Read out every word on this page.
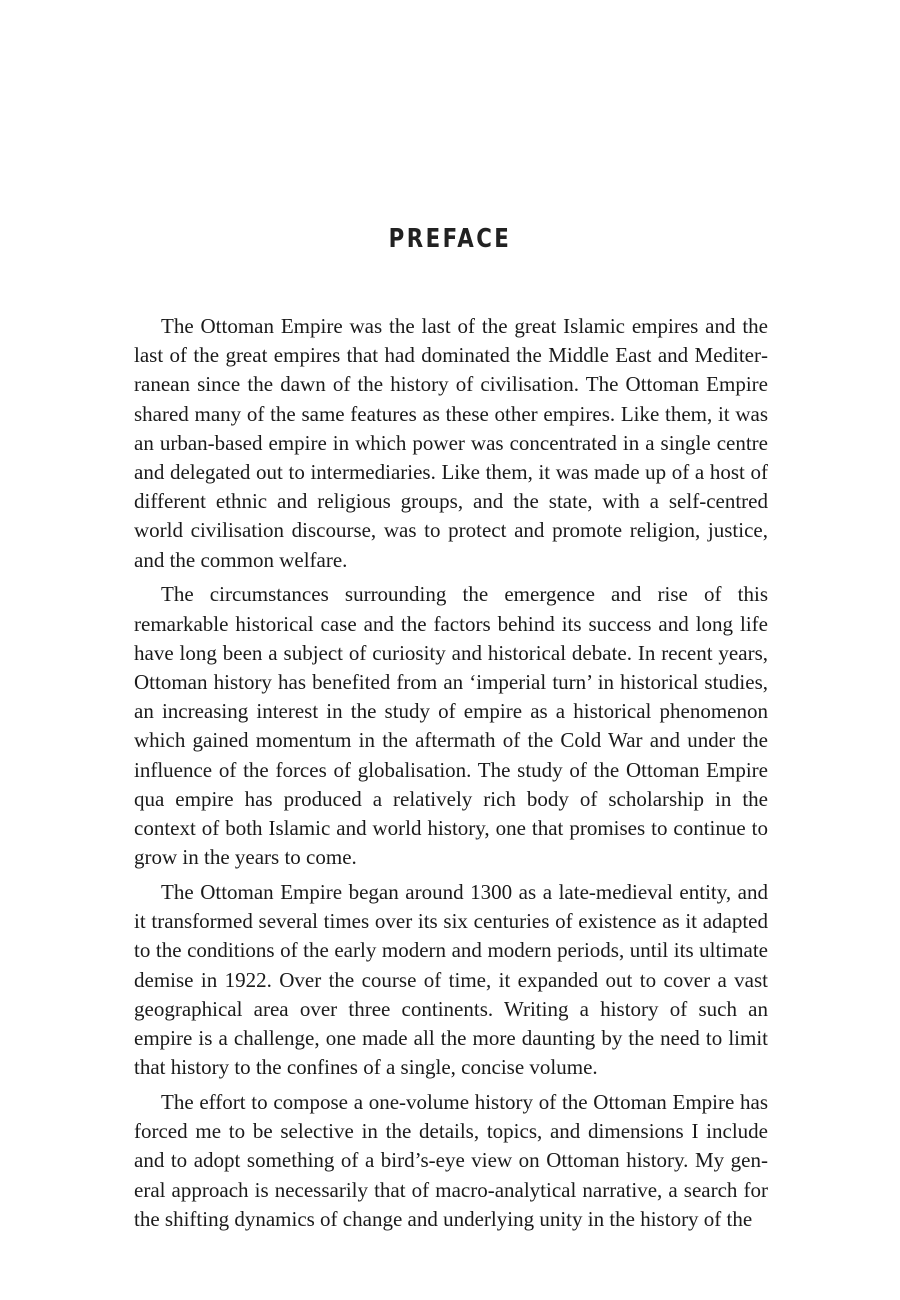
PREFACE

The Ottoman Empire was the last of the great Islamic empires and the last of the great empires that had dominated the Middle East and Mediterranean since the dawn of the history of civilisation. The Ottoman Empire shared many of the same features as these other empires. Like them, it was an urban-based empire in which power was concentrated in a single centre and delegated out to intermediaries. Like them, it was made up of a host of different ethnic and religious groups, and the state, with a self-centred world civilisation discourse, was to protect and promote religion, justice, and the common welfare.

The circumstances surrounding the emergence and rise of this remarkable historical case and the factors behind its success and long life have long been a subject of curiosity and historical debate. In recent years, Ottoman history has benefited from an ‘imperial turn’ in historical studies, an increasing interest in the study of empire as a historical phenomenon which gained momentum in the aftermath of the Cold War and under the influence of the forces of globalisation. The study of the Ottoman Empire qua empire has produced a relatively rich body of scholarship in the context of both Islamic and world history, one that promises to continue to grow in the years to come.

The Ottoman Empire began around 1300 as a late-medieval entity, and it transformed several times over its six centuries of existence as it adapted to the conditions of the early modern and modern periods, until its ultimate demise in 1922. Over the course of time, it expanded out to cover a vast geographical area over three continents. Writing a history of such an empire is a challenge, one made all the more daunting by the need to limit that history to the confines of a single, concise volume.

The effort to compose a one-volume history of the Ottoman Empire has forced me to be selective in the details, topics, and dimensions I include and to adopt something of a bird’s-eye view on Ottoman history. My general approach is necessarily that of macro-analytical narrative, a search for the shifting dynamics of change and underlying unity in the history of the
